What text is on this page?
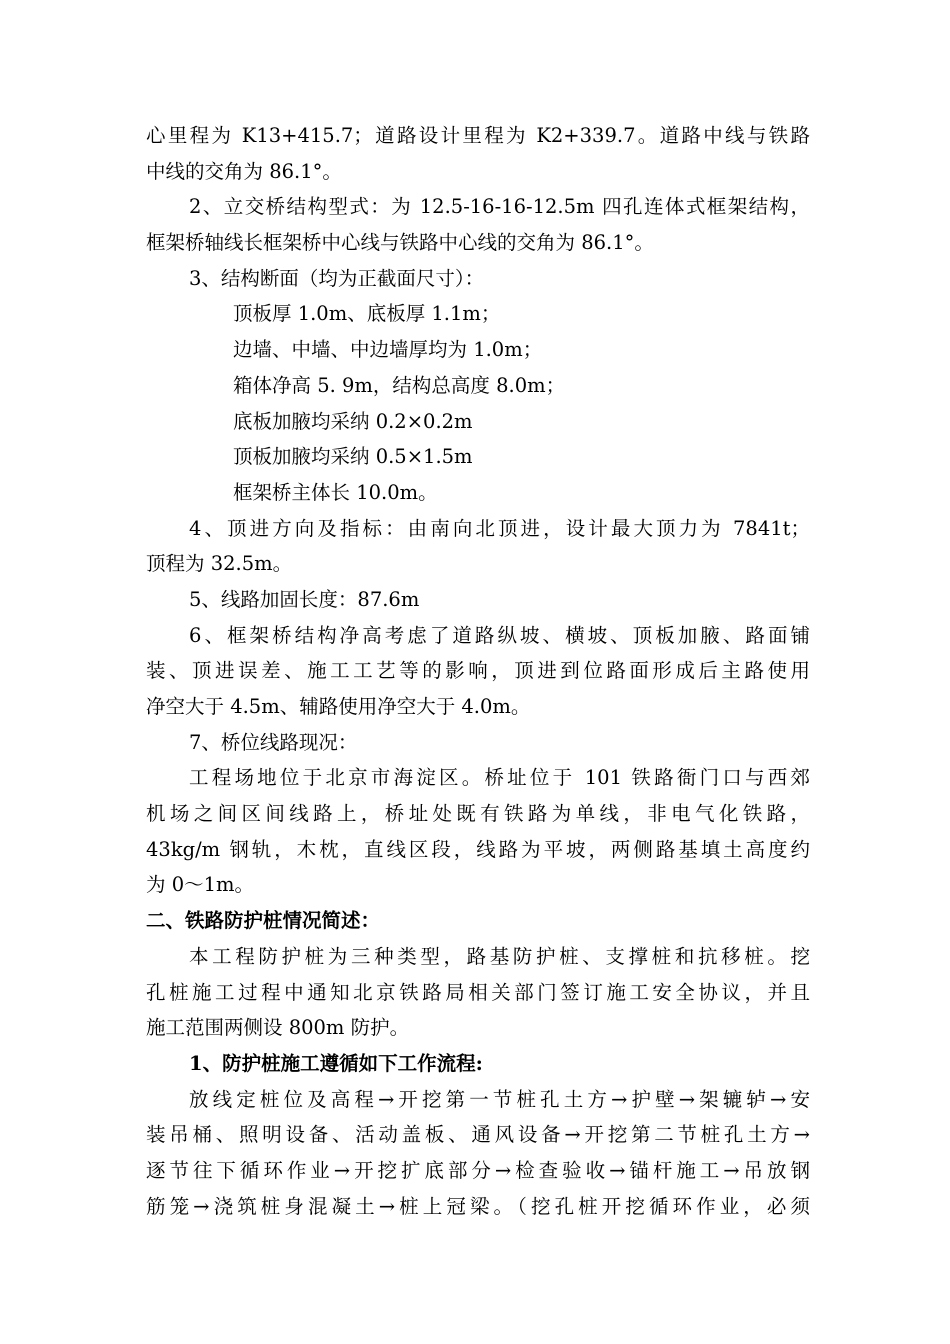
心里程为 K13+415.7；道路设计里程为 K2+339.7。道路中线与铁路
中线的交角为 86.1°。
2、立交桥结构型式：为 12.5-16-16-12.5m 四孔连体式框架结构，
框架桥轴线长框架桥中心线与铁路中心线的交角为 86.1°。
3、结构断面（均为正截面尺寸）：
顶板厚 1.0m、底板厚 1.1m；
边墙、中墙、中边墙厚均为 1.0m；
箱体净高 5. 9m，结构总高度 8.0m；
底板加腋均采纳 0.2×0.2m
顶板加腋均采纳 0.5×1.5m
框架桥主体长 10.0m。
4、顶进方向及指标：由南向北顶进，设计最大顶力为 7841t；
顶程为 32.5m。
5、线路加固长度：87.6m
6、框架桥结构净高考虑了道路纵坡、横坡、顶板加腋、路面铺
装、顶进误差、施工工艺等的影响，顶进到位路面形成后主路使用
净空大于 4.5m、辅路使用净空大于 4.0m。
7、桥位线路现况：
工程场地位于北京市海淀区。桥址位于 101 铁路衙门口与西郊
机场之间区间线路上，桥址处既有铁路为单线，非电气化铁路，
43kg/m 钢轨，木枕，直线区段，线路为平坡，两侧路基填土高度约
为 0～1m。
二、铁路防护桩情况简述：
本工程防护桩为三种类型，路基防护桩、支撑桩和抗移桩。挖
孔桩施工过程中通知北京铁路局相关部门签订施工安全协议，并且
施工范围两侧设 800m 防护。
1、防护桩施工遵循如下工作流程:
放线定桩位及高程→开挖第一节桩孔土方→护壁→架辘轳→安
装吊桶、照明设备、活动盖板、通风设备→开挖第二节桩孔土方→
逐节往下循环作业→开挖扩底部分→检查验收→锚杆施工→吊放钢
筋笼→浇筑桩身混凝土→桩上冠梁。（挖孔桩开挖循环作业，必须
